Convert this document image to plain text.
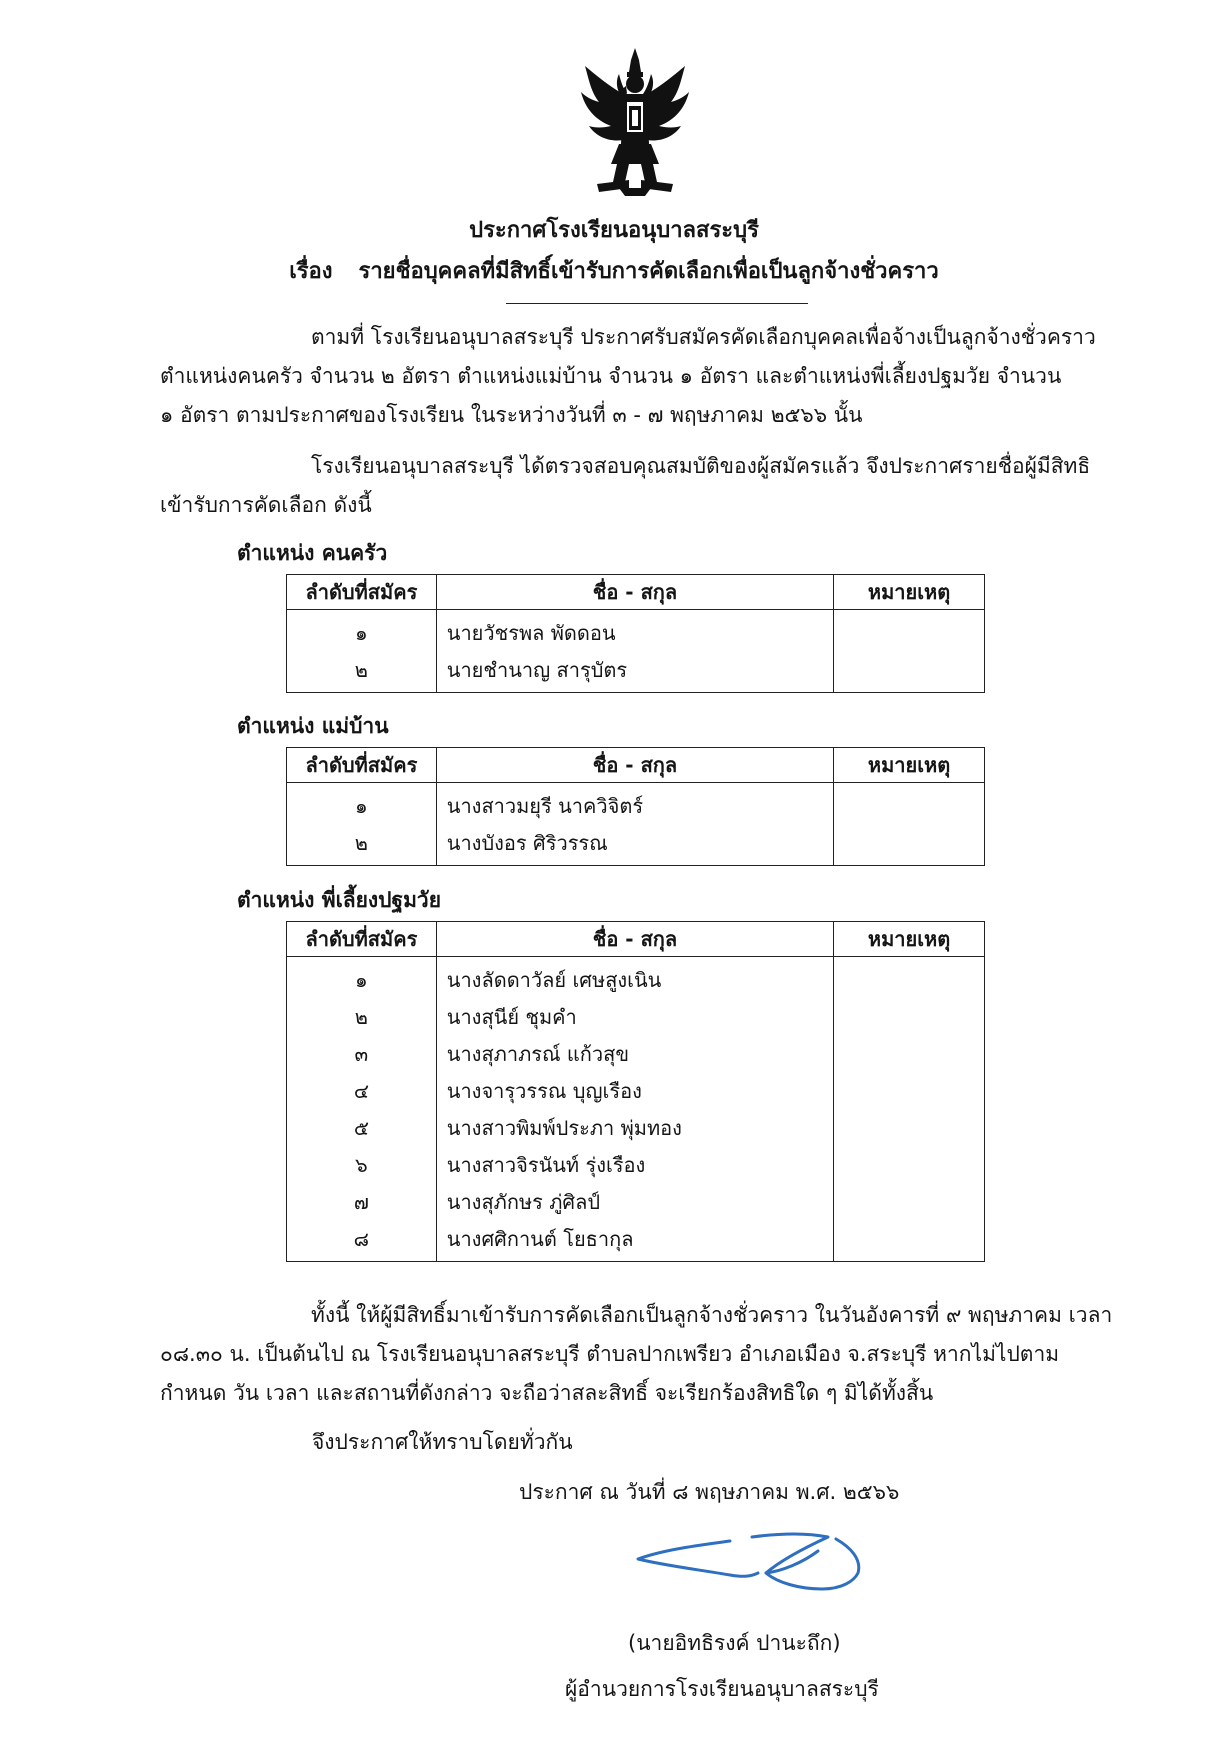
ประกาศโรงเรียนอนุบาลสระบุรี
เรื่อง รายชื่อบุคคลที่มีสิทธิ์เข้ารับการคัดเลือกเพื่อเป็นลูกจ้างชั่วคราว
ตามที่ โรงเรียนอนุบาลสระบุรี ประกาศรับสมัครคัดเลือกบุคคลเพื่อจ้างเป็นลูกจ้างชั่วคราว
ตำแหน่งคนครัว จำนวน ๒ อัตรา ตำแหน่งแม่บ้าน จำนวน ๑ อัตรา และตำแหน่งพี่เลี้ยงปฐมวัย จำนวน
๑ อัตรา ตามประกาศของโรงเรียน ในระหว่างวันที่ ๓ - ๗ พฤษภาคม ๒๕๖๖ นั้น
โรงเรียนอนุบาลสระบุรี ได้ตรวจสอบคุณสมบัติของผู้สมัครแล้ว จึงประกาศรายชื่อผู้มีสิทธิ
เข้ารับการคัดเลือก ดังนี้
ตำแหน่ง คนครัว
ลำดับที่สมัคร	ชื่อ - สกุล	หมายเหตุ
๑	นายวัชรพล พัดดอน	
๒	นายชำนาญ สารุบัตร	
ตำแหน่ง แม่บ้าน
ลำดับที่สมัคร	ชื่อ - สกุล	หมายเหตุ
๑	นางสาวมยุรี นาควิจิตร์	
๒	นางบังอร ศิริวรรณ	
ตำแหน่ง พี่เลี้ยงปฐมวัย
ลำดับที่สมัคร	ชื่อ - สกุล	หมายเหตุ
๑	นางลัดดาวัลย์ เศษสูงเนิน	
๒	นางสุนีย์ ชุมคำ	
๓	นางสุภาภรณ์ แก้วสุข	
๔	นางจารุวรรณ บุญเรือง	
๕	นางสาวพิมพ์ประภา พุ่มทอง	
๖	นางสาวจิรนันท์ รุ่งเรือง	
๗	นางสุภักษร ภู่ศิลป์	
๘	นางศศิกานต์ โยธากุล	
ทั้งนี้ ให้ผู้มีสิทธิ์มาเข้ารับการคัดเลือกเป็นลูกจ้างชั่วคราว ในวันอังคารที่ ๙ พฤษภาคม เวลา
๐๘.๓๐ น. เป็นต้นไป ณ โรงเรียนอนุบาลสระบุรี ตำบลปากเพรียว อำเภอเมือง จ.สระบุรี หากไม่ไปตาม
กำหนด วัน เวลา และสถานที่ดังกล่าว จะถือว่าสละสิทธิ์ จะเรียกร้องสิทธิใด ๆ มิได้ทั้งสิ้น
จึงประกาศให้ทราบโดยทั่วกัน
ประกาศ ณ วันที่ ๘ พฤษภาคม พ.ศ. ๒๕๖๖
(นายอิทธิรงค์ ปานะถึก)
ผู้อำนวยการโรงเรียนอนุบาลสระบุรี
